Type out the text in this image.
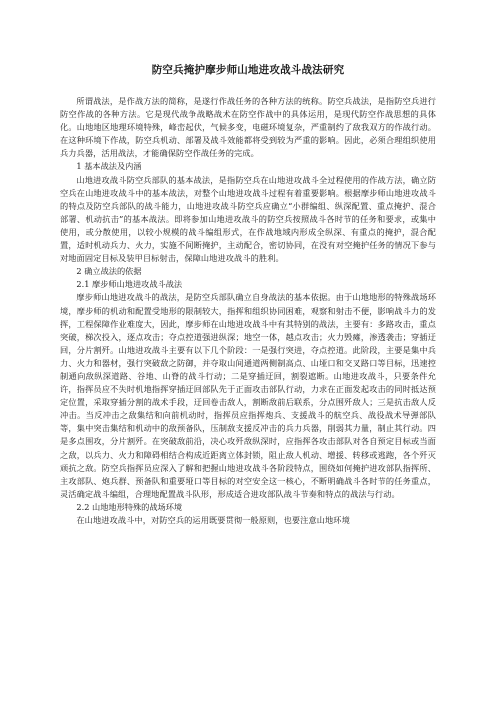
防空兵掩护摩步师山地进攻战斗战法研究

所谓战法，是作战方法的简称，是遂行作战任务的各种方法的统称。防空兵战法，是指防空兵进行防空作战的各种方法。它是现代战争战略战术在防空作战中的具体运用，是现代防空作战思想的具体化。山地地区地理环境特殊，峰峦起伏，气候多变，电磁环境复杂，严重制约了敌我双方的作战行动。在这种环境下作战，防空兵机动、部署及战斗效能都将受到较为严重的影响。因此，必须合理组织使用兵力兵器，活用战法，才能确保防空作战任务的完成。

1 基本战法及内涵

山地进攻战斗防空兵部队的基本战法，是指防空兵在山地进攻战斗全过程使用的作战方法，确立防空兵在山地进攻战斗中的基本战法，对整个山地进攻战斗过程有着重要影响。根据摩步师山地进攻战斗的特点及防空兵部队的战斗能力，山地进攻战斗防空兵应确立“小群编组、纵深配置、重点掩护、混合部署、机动抗击”的基本战法。即将参加山地进攻战斗的防空兵按照战斗各时节的任务和要求，或集中使用，或分散使用，以较小规模的战斗编组形式，在作战地域内形成全纵深、有重点的掩护，混合配置，适时机动兵力、火力，实施不间断掩护，主动配合，密切协同，在没有对空掩护任务的情况下参与对地面固定目标及装甲目标射击，保障山地进攻战斗的胜利。

2 确立战法的依据

2.1 摩步师山地进攻战斗战法

摩步师山地进攻战斗的战法，是防空兵部队确立自身战法的基本依据。由于山地地形的特殊战场环境，摩步师的机动和配置受地形的限制较大，指挥和组织协同困难，观察和射击不便，影响战斗力的发挥，工程保障作业难度大，因此，摩步师在山地进攻战斗中有其特别的战法，主要有：多路攻击，重点突破，梯次投入，逐点攻击；夺点控道强进纵深；地空一体，越点攻击；火力毁瘫，渗透袭击；穿插迂回，分片割歼。山地进攻战斗主要有以下几个阶段：一是强行突进，夺点控道。此阶段，主要是集中兵力、火力和器材，强行突破敌之防御，并夺取山间通道两侧制高点、山垭口和交叉路口等目标，迅速控制通向敌纵深道路、谷地、山脊的战斗行动；二是穿插迂回，割裂遮断。山地进攻战斗，只要条件允许，指挥员应不失时机地指挥穿插迂回部队先于正面攻击部队行动，力求在正面发起攻击的同时抵达预定位置，采取穿插分割的战术手段，迂回卷击敌人，割断敌前后联系，分点围歼敌人；三是抗击敌人反冲击。当反冲击之敌集结和向前机动时，指挥员应指挥炮兵、支援战斗的航空兵、战役战术导弹部队等，集中突击集结和机动中的敌预备队，压制敌支援反冲击的兵力兵器，削弱其力量，制止其行动。四是多点围攻，分片割歼。在突破敌前沿，决心攻歼敌纵深时，应指挥各攻击部队对各自预定目标或当面之敌，以兵力、火力和障碍相结合构成近距离立体封锁，阻止敌人机动、增援、转移或逃跑，各个歼灭顽抗之敌。防空兵指挥员应深入了解和把握山地进攻战斗各阶段特点，围绕如何掩护进攻部队指挥所、主攻部队、炮兵群、预备队和重要垭口等目标的对空安全这一核心，不断明确战斗各时节的任务重点，灵活确定战斗编组，合理地配置战斗队形，形成适合进攻部队战斗节奏和特点的战法与行动。

2.2 山地地形特殊的战场环境

在山地进攻战斗中，对防空兵的运用既要贯彻一般原则，也要注意山地环境
